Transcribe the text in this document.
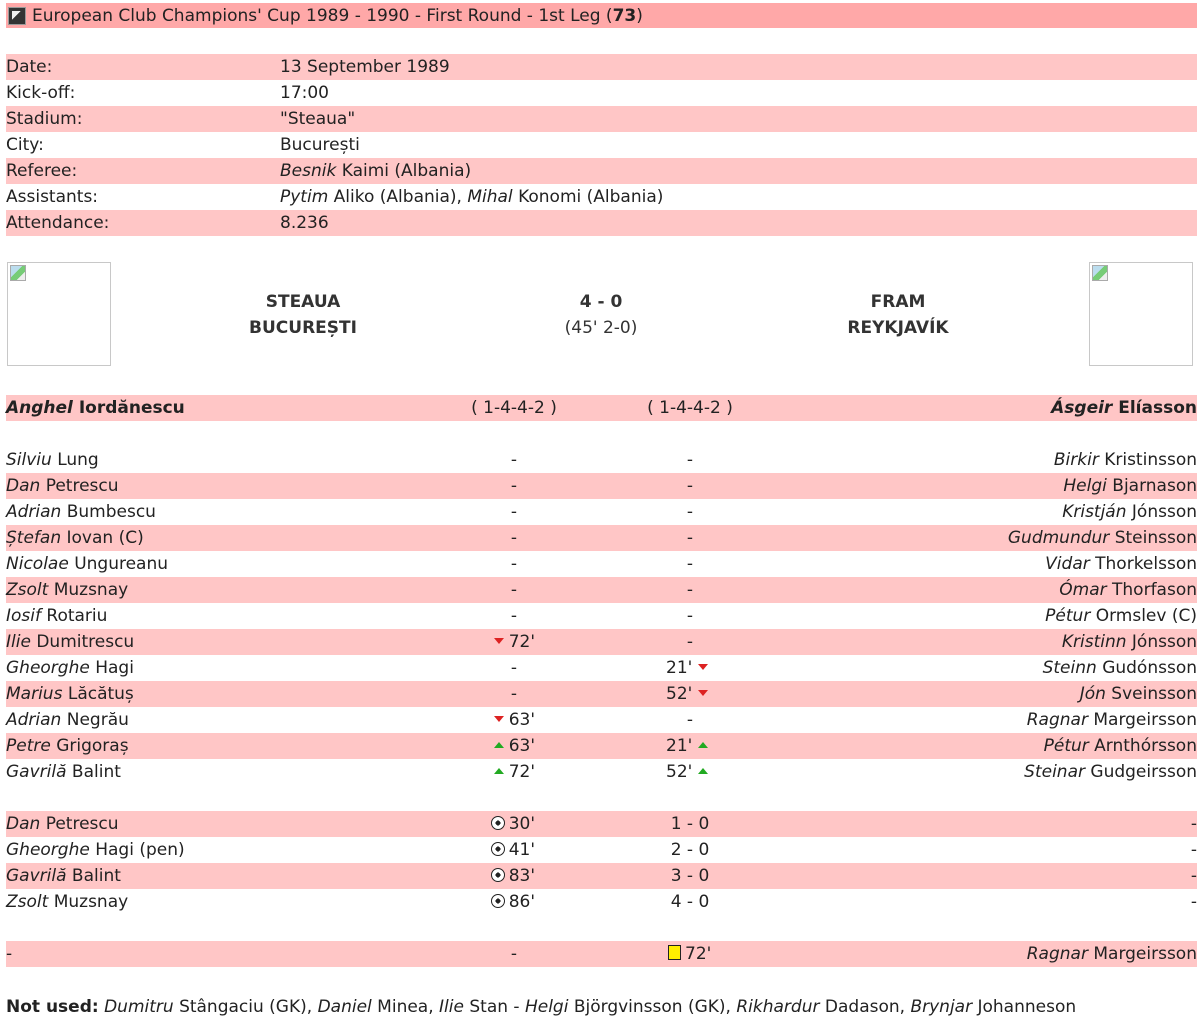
European Club Champions' Cup 1989 - 1990 - First Round - 1st Leg (73)
Date:	13 September 1989
Kick-off:	17:00
Stadium:	"Steaua"
City:	București
Referee:	Besnik Kaimi (Albania)
Assistants:	Pytim Aliko (Albania), Mihal Konomi (Albania)
Attendance:	8.236
STEAUA
BUCUREȘTI
4 - 0
(45' 2-0)
FRAM
REYKJAVÍK
Anghel Iordănescu	( 1-4-4-2 )	( 1-4-4-2 )	Ásgeir Elíasson
Silviu Lung	-	-	Birkir Kristinsson
Dan Petrescu	-	-	Helgi Bjarnason
Adrian Bumbescu	-	-	Kristján Jónsson
Ștefan Iovan (C)	-	-	Gudmundur Steinsson
Nicolae Ungureanu	-	-	Vidar Thorkelsson
Zsolt Muzsnay	-	-	Ómar Thorfason
Iosif Rotariu	-	-	Pétur Ormslev (C)
Ilie Dumitrescu	72'	-	Kristinn Jónsson
Gheorghe Hagi	-	21'	Steinn Gudónsson
Marius Lăcătuș	-	52'	Jón Sveinsson
Adrian Negrău	63'	-	Ragnar Margeirsson
Petre Grigoraș	63'	21'	Pétur Arnthórsson
Gavrilă Balint	72'	52'	Steinar Gudgeirsson
Dan Petrescu	30'	1 - 0	-
Gheorghe Hagi (pen)	41'	2 - 0	-
Gavrilă Balint	83'	3 - 0	-
Zsolt Muzsnay	86'	4 - 0	-
-	-	72'	Ragnar Margeirsson
Not used: Dumitru Stângaciu (GK), Daniel Minea, Ilie Stan - Helgi Björgvinsson (GK), Rikhardur Dadason, Brynjar Johanneson
